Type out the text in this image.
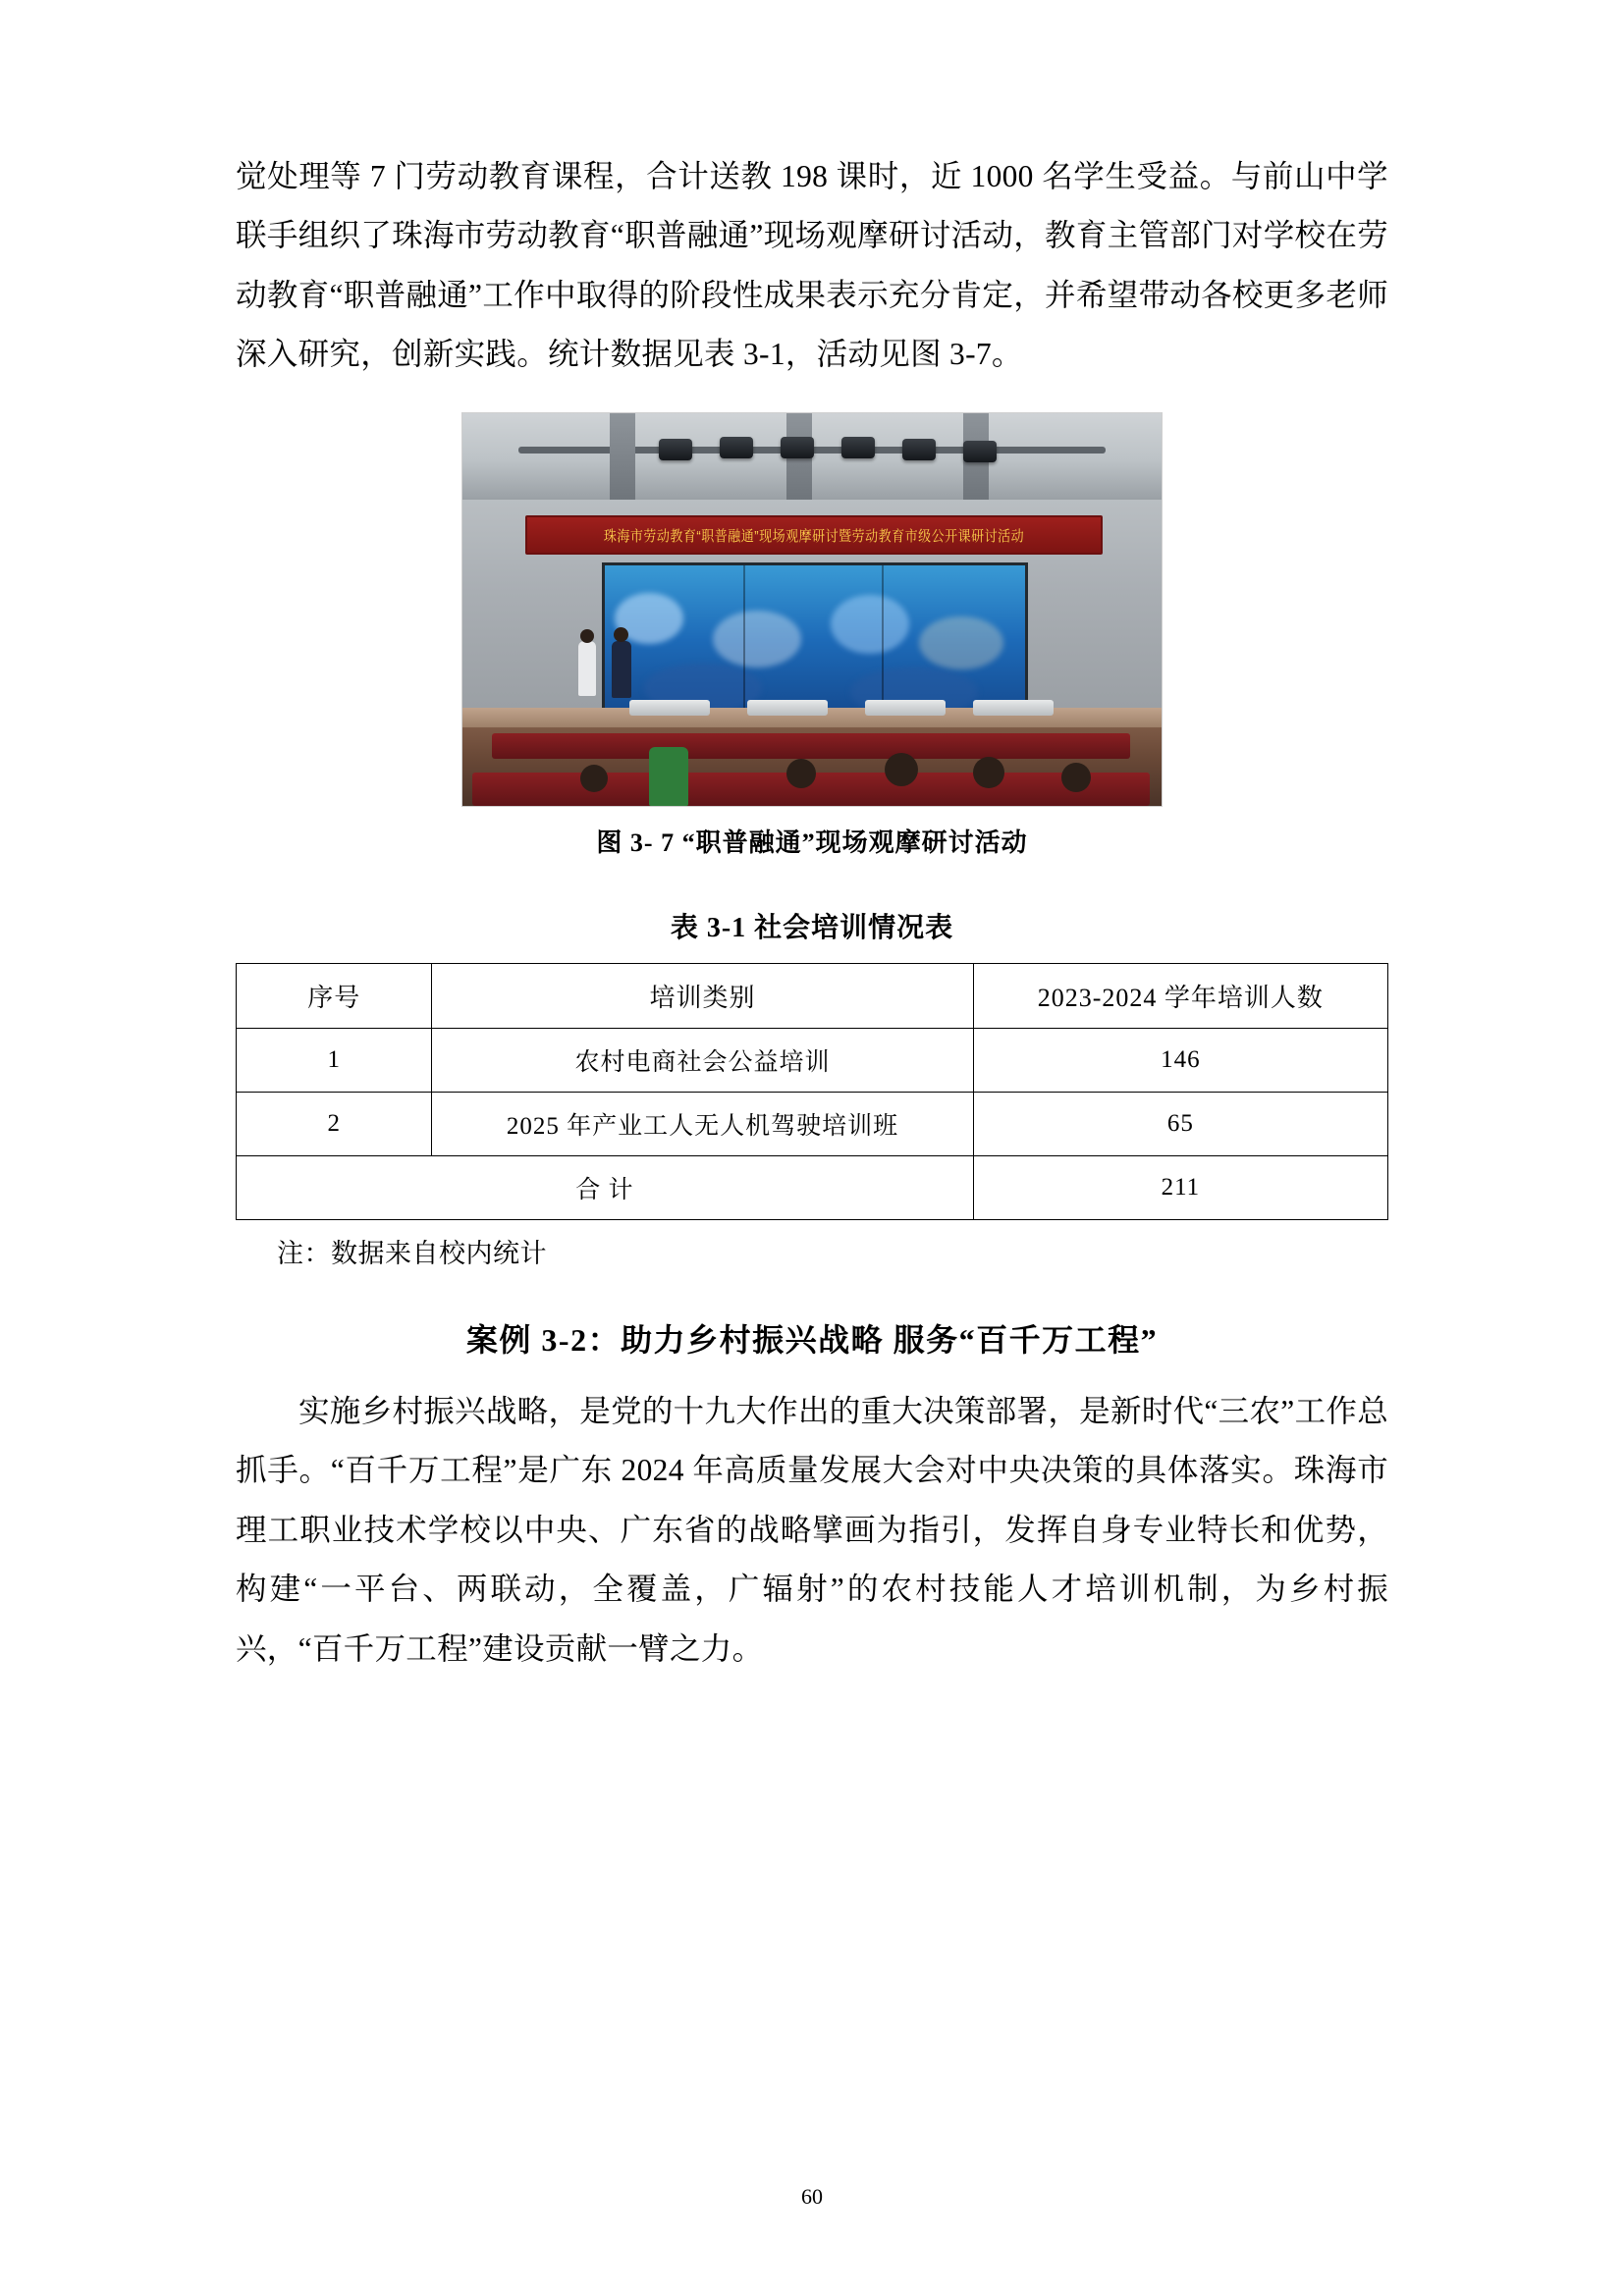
觉处理等 7 门劳动教育课程，合计送教 198 课时，近 1000 名学生受益。与前山中学联手组织了珠海市劳动教育“职普融通”现场观摩研讨活动，教育主管部门对学校在劳动教育“职普融通”工作中取得的阶段性成果表示充分肯定，并希望带动各校更多老师深入研究，创新实践。统计数据见表 3-1，活动见图 3-7。

珠海市劳动教育“职普融通”现场观摩研讨暨劳动教育市级公开课研讨活动
图 3- 7 “职普融通”现场观摩研讨活动
表 3-1 社会培训情况表
序号	培训类别	2023-2024 学年培训人数
1	农村电商社会公益培训	146
2	2025 年产业工人无人机驾驶培训班	65
合 计		211
注：数据来自校内统计
案例 3-2：助力乡村振兴战略 服务“百千万工程”

实施乡村振兴战略，是党的十九大作出的重大决策部署，是新时代“三农”工作总抓手。“百千万工程”是广东 2024 年高质量发展大会对中央决策的具体落实。珠海市理工职业技术学校以中央、广东省的战略擘画为指引，发挥自身专业特长和优势，构建“一平台、两联动，全覆盖，广辐射”的农村技能人才培训机制，为乡村振兴，“百千万工程”建设贡献一臂之力。

60
